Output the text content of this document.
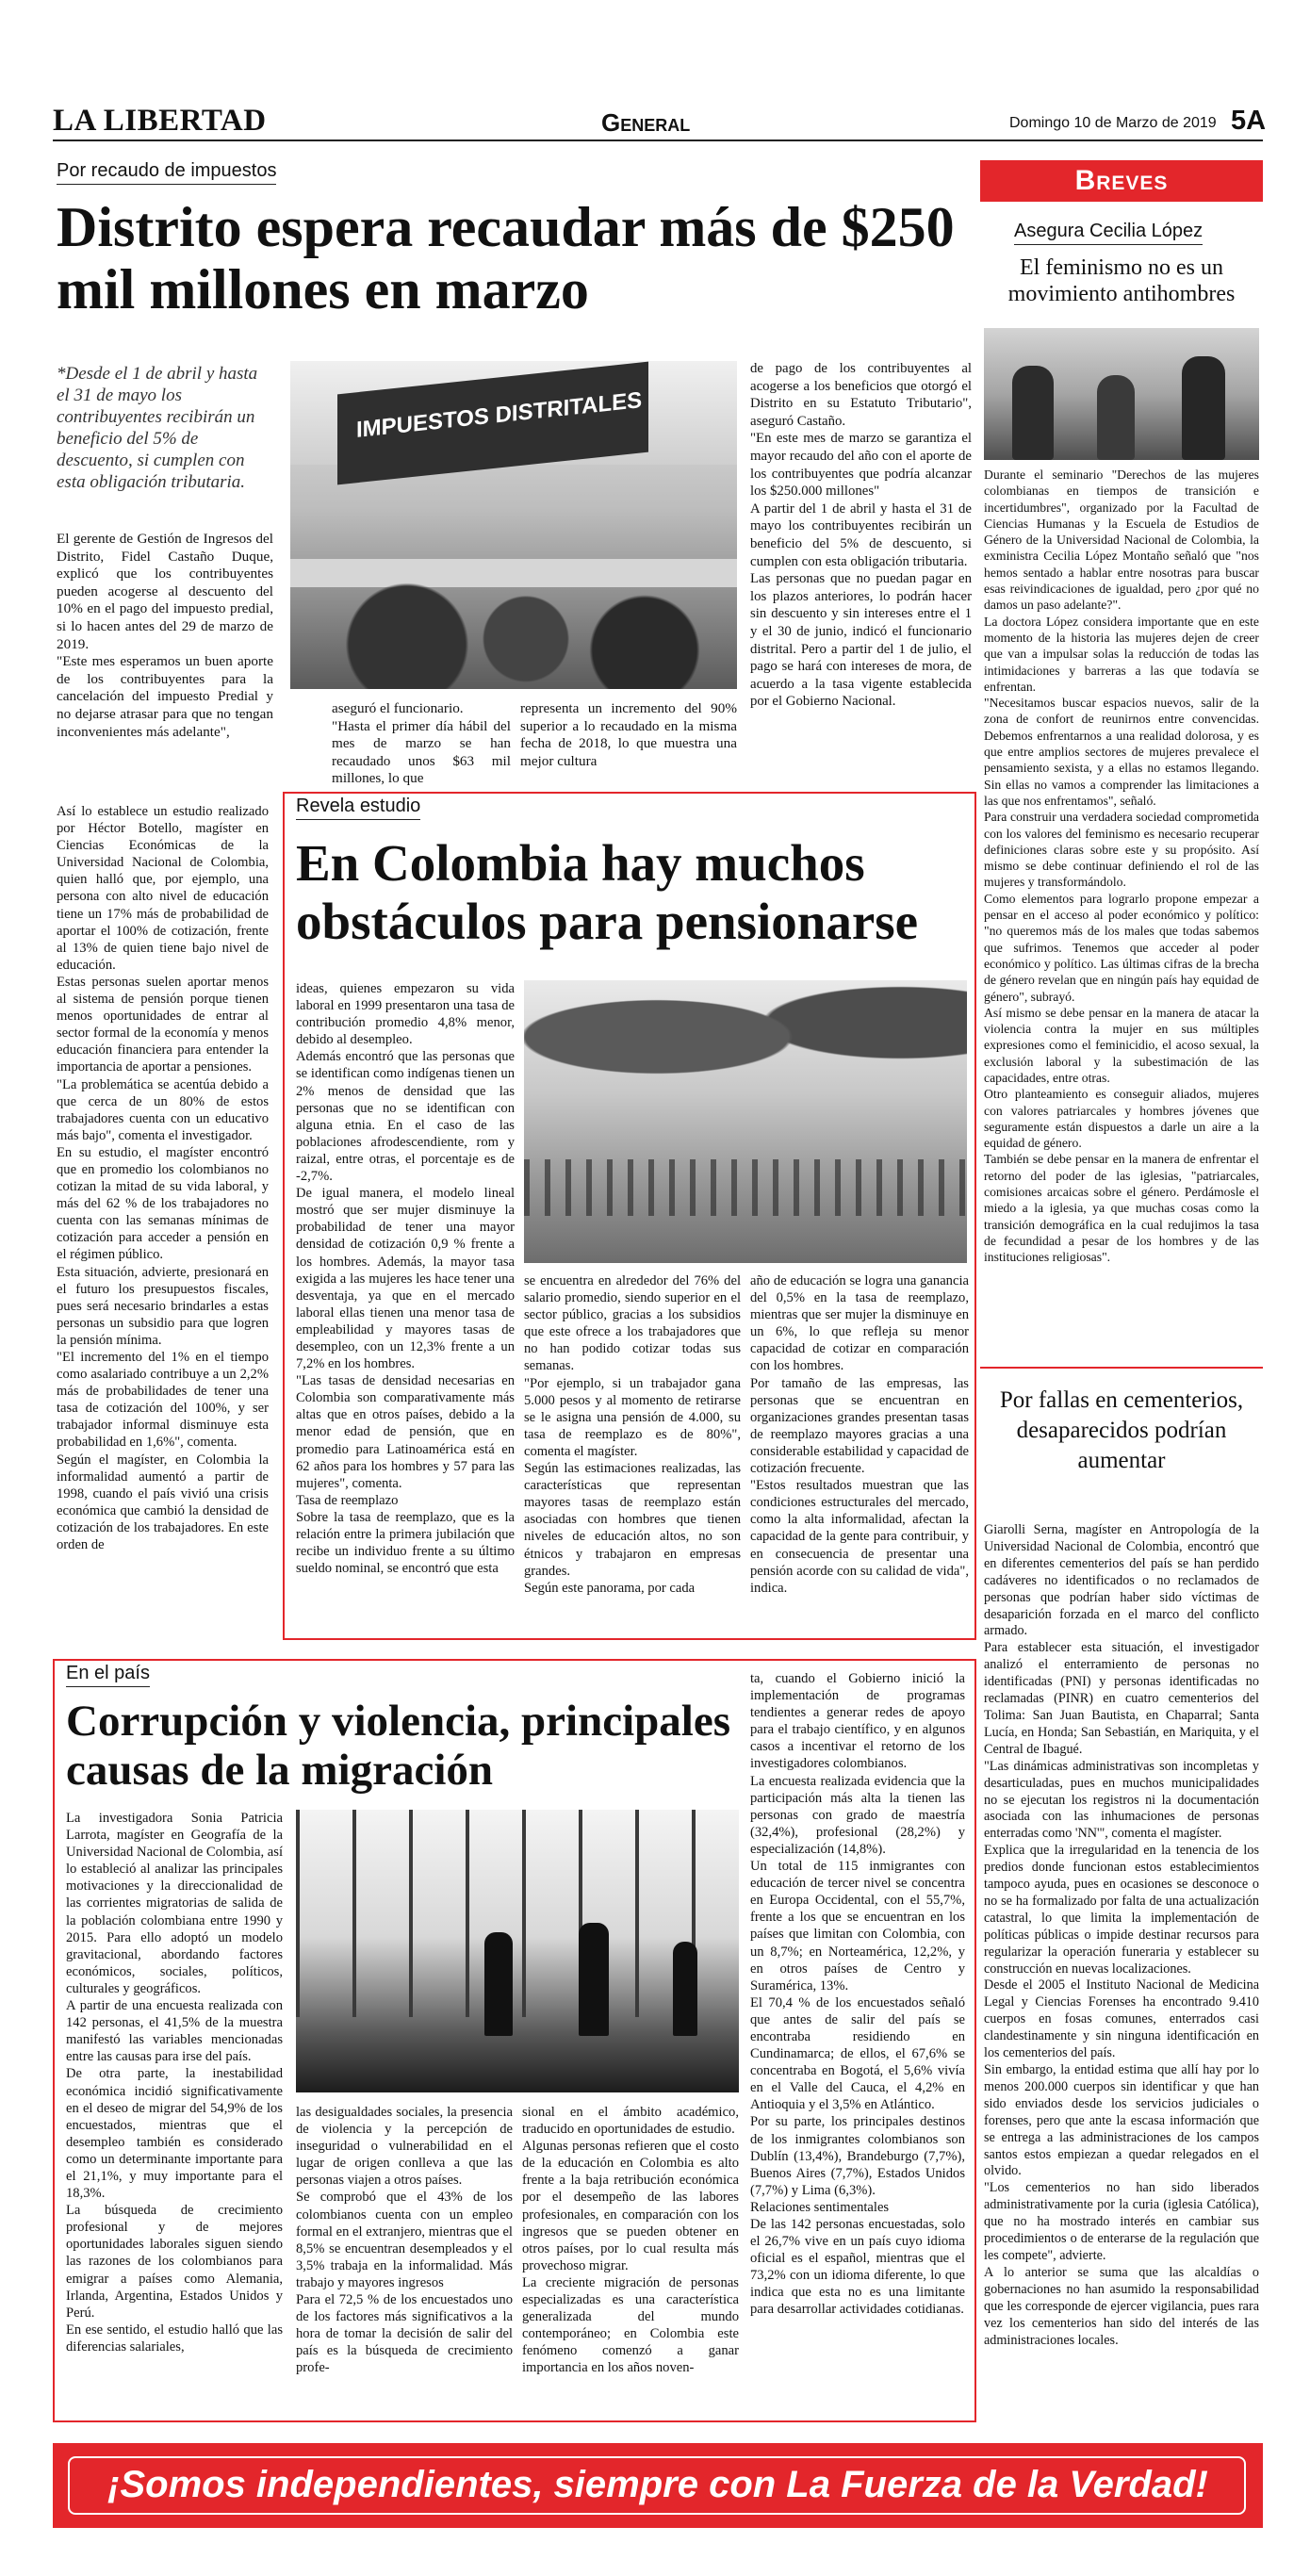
LA LIBERTAD	General	Domingo 10 de Marzo de 2019 5A
Por recaudo de impuestos
Distrito espera recaudar más de $250 mil millones en marzo
*Desde el 1 de abril y hasta el 31 de mayo los contribuyentes recibirán un beneficio del 5% de descuento, si cumplen con esta obligación tributaria.
IMPUESTOS DISTRITALES
El gerente de Gestión de Ingresos del Distrito, Fidel Castaño Duque, explicó que los contribuyentes pueden acogerse al descuento del 10% en el pago del impuesto predial, si lo hacen antes del 29 de marzo de 2019.
"Este mes esperamos un buen aporte de los contribuyentes para la cancelación del impuesto Predial y no dejarse atrasar para que no tengan inconvenientes más adelante",
aseguró el funcionario.
"Hasta el primer día hábil del mes de marzo se han recaudado unos $63 mil millones, lo que
representa un incremento del 90% superior a lo recaudado en la misma fecha de 2018, lo que muestra una mejor cultura
de pago de los contribuyentes al acogerse a los beneficios que otorgó el Distrito en su Estatuto Tributario", aseguró Castaño.
"En este mes de marzo se garantiza el mayor recaudo del año con el aporte de los contribuyentes que podría alcanzar los $250.000 millones"
A partir del 1 de abril y hasta el 31 de mayo los contribuyentes recibirán un beneficio del 5% de descuento, si cumplen con esta obligación tributaria.
Las personas que no puedan pagar en los plazos anteriores, lo podrán hacer sin descuento y sin intereses entre el 1 y el 30 de junio, indicó el funcionario distrital. Pero a partir del 1 de julio, el pago se hará con intereses de mora, de acuerdo a la tasa vigente establecida por el Gobierno Nacional.
Así lo establece un estudio realizado por Héctor Botello, magíster en Ciencias Económicas de la Universidad Nacional de Colombia, quien halló que, por ejemplo, una persona con alto nivel de educación tiene un 17% más de probabilidad de aportar el 100% de cotización, frente al 13% de quien tiene bajo nivel de educación.
Estas personas suelen aportar menos al sistema de pensión porque tienen menos oportunidades de entrar al sector formal de la economía y menos educación financiera para entender la importancia de aportar a pensiones.
"La problemática se acentúa debido a que cerca de un 80% de estos trabajadores cuenta con un educativo más bajo", comenta el investigador.
En su estudio, el magíster encontró que en promedio los colombianos no cotizan la mitad de su vida laboral, y más del 62 % de los trabajadores no cuenta con las semanas mínimas de cotización para acceder a pensión en el régimen público.
Esta situación, advierte, presionará en el futuro los presupuestos fiscales, pues será necesario brindarles a estas personas un subsidio para que logren la pensión mínima.
"El incremento del 1% en el tiempo como asalariado contribuye a un 2,2% más de probabilidades de tener una tasa de cotización del 100%, y ser trabajador informal disminuye esta probabilidad en 1,6%", comenta.
Según el magíster, en Colombia la informalidad aumentó a partir de 1998, cuando el país vivió una crisis económica que cambió la densidad de cotización de los trabajadores. En este orden de
Revela estudio
En Colombia hay muchos obstáculos para pensionarse
ideas, quienes empezaron su vida laboral en 1999 presentaron una tasa de contribución promedio 4,8% menor, debido al desempleo.
Además encontró que las personas que se identifican como indígenas tienen un 2% menos de densidad que las personas que no se identifican con alguna etnia. En el caso de las poblaciones afrodescendiente, rom y raizal, entre otras, el porcentaje es de -2,7%.
De igual manera, el modelo lineal mostró que ser mujer disminuye la probabilidad de tener una mayor densidad de cotización 0,9 % frente a los hombres. Además, la mayor tasa exigida a las mujeres les hace tener una desventaja, ya que en el mercado laboral ellas tienen una menor tasa de empleabilidad y mayores tasas de desempleo, con un 12,3% frente a un 7,2% en los hombres.
"Las tasas de densidad necesarias en Colombia son comparativamente más altas que en otros países, debido a la menor edad de pensión, que en promedio para Latinoamérica está en 62 años para los hombres y 57 para las mujeres", comenta.
Tasa de reemplazo
Sobre la tasa de reemplazo, que es la relación entre la primera jubilación que recibe un individuo frente a su último sueldo nominal, se encontró que esta
se encuentra en alrededor del 76% del salario promedio, siendo superior en el sector público, gracias a los subsidios que este ofrece a los trabajadores que no han podido cotizar todas sus semanas.
"Por ejemplo, si un trabajador gana 5.000 pesos y al momento de retirarse se le asigna una pensión de 4.000, su tasa de reemplazo es de 80%", comenta el magíster.
Según las estimaciones realizadas, las características que representan mayores tasas de reemplazo están asociadas con hombres que tienen niveles de educación altos, no son étnicos y trabajaron en empresas grandes.
Según este panorama, por cada
año de educación se logra una ganancia del 0,5% en la tasa de reemplazo, mientras que ser mujer la disminuye en un 6%, lo que refleja su menor capacidad de cotizar en comparación con los hombres.
Por tamaño de las empresas, las personas que se encuentran en organizaciones grandes presentan tasas de reemplazo mayores gracias a una considerable estabilidad y capacidad de cotización frecuente.
"Estos resultados muestran que las condiciones estructurales del mercado, como la alta informalidad, afectan la capacidad de la gente para contribuir, y en consecuencia de presentar una pensión acorde con su calidad de vida", indica.
En el país
Corrupción y violencia, principales causas de la migración
La investigadora Sonia Patricia Larrota, magíster en Geografía de la Universidad Nacional de Colombia, así lo estableció al analizar las principales motivaciones y la direccionalidad de las corrientes migratorias de salida de la población colombiana entre 1990 y 2015. Para ello adoptó un modelo gravitacional, abordando factores económicos, sociales, políticos, culturales y geográficos.
A partir de una encuesta realizada con 142 personas, el 41,5% de la muestra manifestó las variables mencionadas entre las causas para irse del país.
De otra parte, la inestabilidad económica incidió significativamente en el deseo de migrar del 54,9% de los encuestados, mientras que el desempleo también es considerado como un determinante importante para el 21,1%, y muy importante para el 18,3%.
La búsqueda de crecimiento profesional y de mejores oportunidades laborales siguen siendo las razones de los colombianos para emigrar a países como Alemania, Irlanda, Argentina, Estados Unidos y Perú.
En ese sentido, el estudio halló que las diferencias salariales,
las desigualdades sociales, la presencia de violencia y la percepción de inseguridad o vulnerabilidad en el lugar de origen conlleva a que las personas viajen a otros países.
Se comprobó que el 43% de los colombianos cuenta con un empleo formal en el extranjero, mientras que el 8,5% se encuentran desempleados y el 3,5% trabaja en la informalidad. Más trabajo y mayores ingresos
Para el 72,5 % de los encuestados uno de los factores más significativos a la hora de tomar la decisión de salir del país es la búsqueda de crecimiento profe-
sional en el ámbito académico, traducido en oportunidades de estudio.
Algunas personas refieren que el costo de la educación en Colombia es alto frente a la baja retribución económica por el desempeño de las labores profesionales, en comparación con los ingresos que se pueden obtener en otros países, por lo cual resulta más provechoso migrar.
La creciente migración de personas especializadas es una característica generalizada del mundo contemporáneo; en Colombia este fenómeno comenzó a ganar importancia en los años noven-
ta, cuando el Gobierno inició la implementación de programas tendientes a generar redes de apoyo para el trabajo científico, y en algunos casos a incentivar el retorno de los investigadores colombianos.
La encuesta realizada evidencia que la participación más alta la tienen las personas con grado de maestría (32,4%), profesional (28,2%) y especialización (14,8%).
Un total de 115 inmigrantes con educación de tercer nivel se concentra en Europa Occidental, con el 55,7%, frente a los que se encuentran en los países que limitan con Colombia, con un 8,7%; en Norteamérica, 12,2%, y en otros países de Centro y Suramérica, 13%.
El 70,4 % de los encuestados señaló que antes de salir del país se encontraba residiendo en Cundinamarca; de ellos, el 67,6% se concentraba en Bogotá, el 5,6% vivía en el Valle del Cauca, el 4,2% en Antioquia y el 3,5% en Atlántico.
Por su parte, los principales destinos de los inmigrantes colombianos son Dublín (13,4%), Brandeburgo (7,7%), Buenos Aires (7,7%), Estados Unidos (7,7%) y Lima (6,3%).
Relaciones sentimentales
De las 142 personas encuestadas, solo el 26,7% vive en un país cuyo idioma oficial es el español, mientras que el 73,2% con un idioma diferente, lo que indica que esta no es una limitante para desarrollar actividades cotidianas.
Breves
Asegura Cecilia López
El feminismo no es un movimiento antihombres
Durante el seminario "Derechos de las mujeres colombianas en tiempos de transición e incertidumbres", organizado por la Facultad de Ciencias Humanas y la Escuela de Estudios de Género de la Universidad Nacional de Colombia, la exministra Cecilia López Montaño señaló que "nos hemos sentado a hablar entre nosotras para buscar esas reivindicaciones de igualdad, pero ¿por qué no damos un paso adelante?".
La doctora López considera importante que en este momento de la historia las mujeres dejen de creer que van a impulsar solas la reducción de todas las intimidaciones y barreras a las que todavía se enfrentan.
"Necesitamos buscar espacios nuevos, salir de la zona de confort de reunirnos entre convencidas. Debemos enfrentarnos a una realidad dolorosa, y es que entre amplios sectores de mujeres prevalece el pensamiento sexista, y a ellas no estamos llegando. Sin ellas no vamos a comprender las limitaciones a las que nos enfrentamos", señaló.
Para construir una verdadera sociedad comprometida con los valores del feminismo es necesario recuperar definiciones claras sobre este y su propósito. Así mismo se debe continuar definiendo el rol de las mujeres y transformándolo.
Como elementos para lograrlo propone empezar a pensar en el acceso al poder económico y político: "no queremos más de los males que todas sabemos que sufrimos. Tenemos que acceder al poder económico y político. Las últimas cifras de la brecha de género revelan que en ningún país hay equidad de género", subrayó.
Así mismo se debe pensar en la manera de atacar la violencia contra la mujer en sus múltiples expresiones como el feminicidio, el acoso sexual, la exclusión laboral y la subestimación de las capacidades, entre otras.
Otro planteamiento es conseguir aliados, mujeres con valores patriarcales y hombres jóvenes que seguramente están dispuestos a darle un aire a la equidad de género.
También se debe pensar en la manera de enfrentar el retorno del poder de las iglesias, "patriarcales, comisiones arcaicas sobre el género. Perdámosle el miedo a la iglesia, ya que muchas cosas como la transición demográfica en la cual redujimos la tasa de fecundidad a pesar de los hombres y de las instituciones religiosas".
Por fallas en cementerios, desaparecidos podrían aumentar
Giarolli Serna, magíster en Antropología de la Universidad Nacional de Colombia, encontró que en diferentes cementerios del país se han perdido cadáveres no identificados o no reclamados de personas que podrían haber sido víctimas de desaparición forzada en el marco del conflicto armado.
Para establecer esta situación, el investigador analizó el enterramiento de personas no identificadas (PNI) y personas identificadas no reclamadas (PINR) en cuatro cementerios del Tolima: San Juan Bautista, en Chaparral; Santa Lucía, en Honda; San Sebastián, en Mariquita, y el Central de Ibagué.
"Las dinámicas administrativas son incompletas y desarticuladas, pues en muchos municipalidades no se ejecutan los registros ni la documentación asociada con las inhumaciones de personas enterradas como 'NN'", comenta el magíster.
Explica que la irregularidad en la tenencia de los predios donde funcionan estos establecimientos tampoco ayuda, pues en ocasiones se desconoce o no se ha formalizado por falta de una actualización catastral, lo que limita la implementación de políticas públicas o impide destinar recursos para regularizar la operación funeraria y establecer su construcción en nuevas localizaciones.
Desde el 2005 el Instituto Nacional de Medicina Legal y Ciencias Forenses ha encontrado 9.410 cuerpos en fosas comunes, enterrados casi clandestinamente y sin ninguna identificación en los cementerios del país.
Sin embargo, la entidad estima que allí hay por lo menos 200.000 cuerpos sin identificar y que han sido enviados desde los servicios judiciales o forenses, pero que ante la escasa información que se entrega a las administraciones de los campos santos estos empiezan a quedar relegados en el olvido.
"Los cementerios no han sido liberados administrativamente por la curia (iglesia Católica), que no ha mostrado interés en cambiar sus procedimientos o de enterarse de la regulación que les compete", advierte.
A lo anterior se suma que las alcaldías o gobernaciones no han asumido la responsabilidad que les corresponde de ejercer vigilancia, pues rara vez los cementerios han sido del interés de las administraciones locales.
¡Somos independientes, siempre con La Fuerza de la Verdad!
